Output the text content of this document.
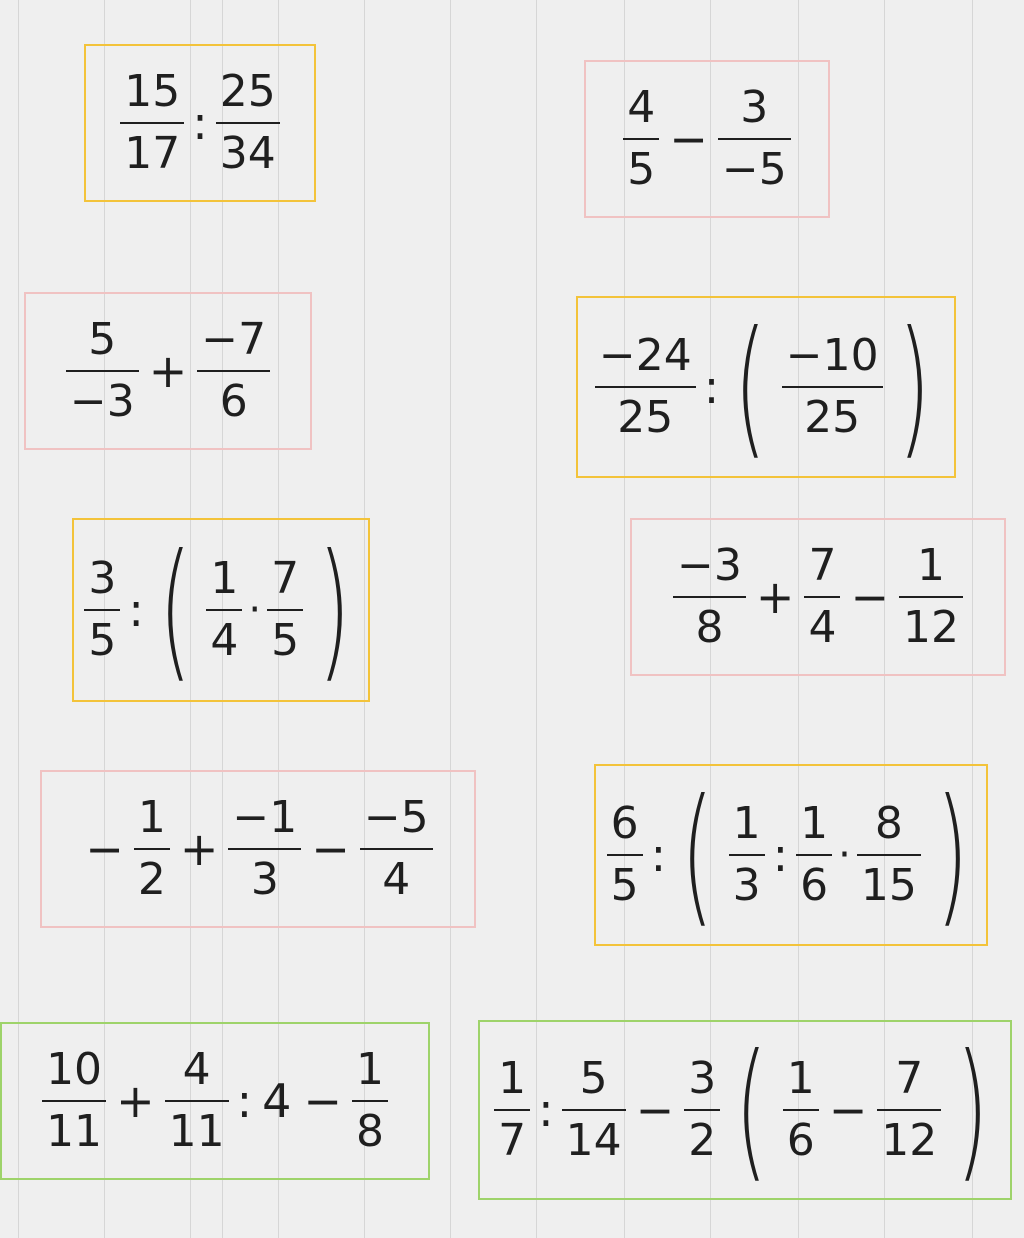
$\frac{15}{17}$ : $\frac{25}{34}$	$\frac{4}{5} - \frac{3}{-5}$
$\frac{5}{-3} + \frac{-7}{6}$	$\frac{-24}{25}$ : ( $\frac{-10}{25}$ )
$\frac{3}{5}$ : ( $\frac{1}{4} \cdot \frac{7}{5}$ )	$\frac{-3}{8} + \frac{7}{4} - \frac{1}{12}$
− $\frac{1}{2} + \frac{-1}{3} - \frac{-5}{4}$	$\frac{6}{5}$ : ( $\frac{1}{3}$ : $\frac{1}{6} \cdot \frac{8}{15}$ )
$\frac{10}{11} + \frac{4}{11}$ : $4 - \frac{1}{8} \frac{1}{7}$ : $\frac{5}{14} - \frac{3}{2}$ ( $\frac{1}{6} - \frac{7}{12}$ )
